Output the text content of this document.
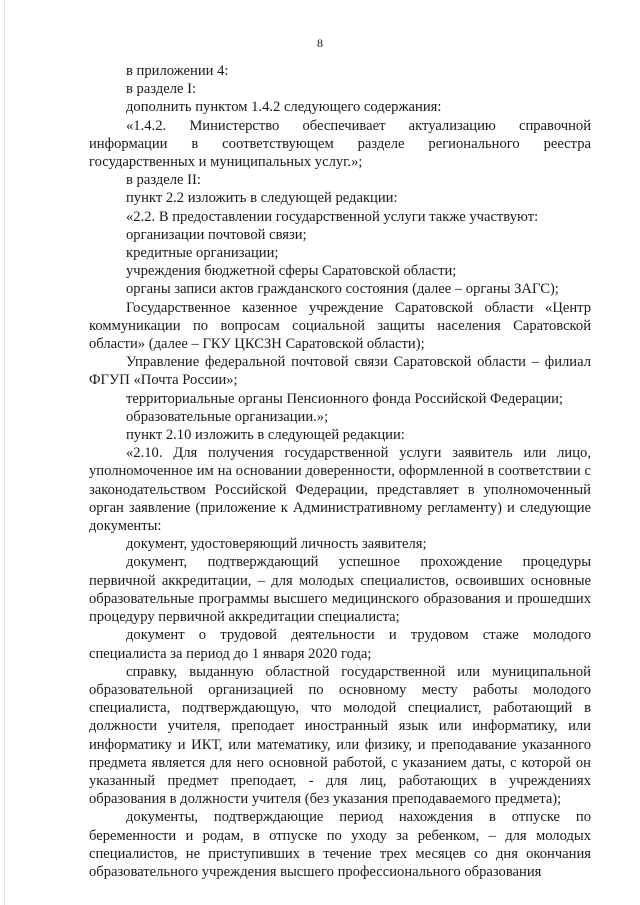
8

в приложении 4:

в разделе I:

дополнить пунктом 1.4.2 следующего содержания:

«1.4.2. Министерство обеспечивает актуализацию справочной информации в соответствующем разделе регионального реестра государственных и муниципальных услуг.»;

в разделе II:

пункт 2.2 изложить в следующей редакции:

«2.2. В предоставлении государственной услуги также участвуют:

организации почтовой связи;

кредитные организации;

учреждения бюджетной сферы Саратовской области;

органы записи актов гражданского состояния (далее – органы ЗАГС);

Государственное казенное учреждение Саратовской области «Центр коммуникации по вопросам социальной защиты населения Саратовской области» (далее – ГКУ ЦКСЗН Саратовской области);

Управление федеральной почтовой связи Саратовской области – филиал ФГУП «Почта России»;

территориальные органы Пенсионного фонда Российской Федерации;

образовательные организации.»;

пункт 2.10 изложить в следующей редакции:

«2.10. Для получения государственной услуги заявитель или лицо, уполномоченное им на основании доверенности, оформленной в соответствии с законодательством Российской Федерации, представляет в уполномоченный орган заявление (приложение к Административному регламенту) и следующие документы:

документ, удостоверяющий личность заявителя;

документ, подтверждающий успешное прохождение процедуры первичной аккредитации, – для молодых специалистов, освоивших основные образовательные программы высшего медицинского образования и прошедших процедуру первичной аккредитации специалиста;

документ о трудовой деятельности и трудовом стаже молодого специалиста за период до 1 января 2020 года;

справку, выданную областной государственной или муниципальной образовательной организацией по основному месту работы молодого специалиста, подтверждающую, что молодой специалист, работающий в должности учителя, преподает иностранный язык или информатику, или информатику и ИКТ, или математику, или физику, и преподавание указанного предмета является для него основной работой, с указанием даты, с которой он указанный предмет преподает, - для лиц, работающих в учреждениях образования в должности учителя (без указания преподаваемого предмета);

документы, подтверждающие период нахождения в отпуске по беременности и родам, в отпуске по уходу за ребенком, – для молодых специалистов, не приступивших в течение трех месяцев со дня окончания образовательного учреждения высшего профессионального образования
